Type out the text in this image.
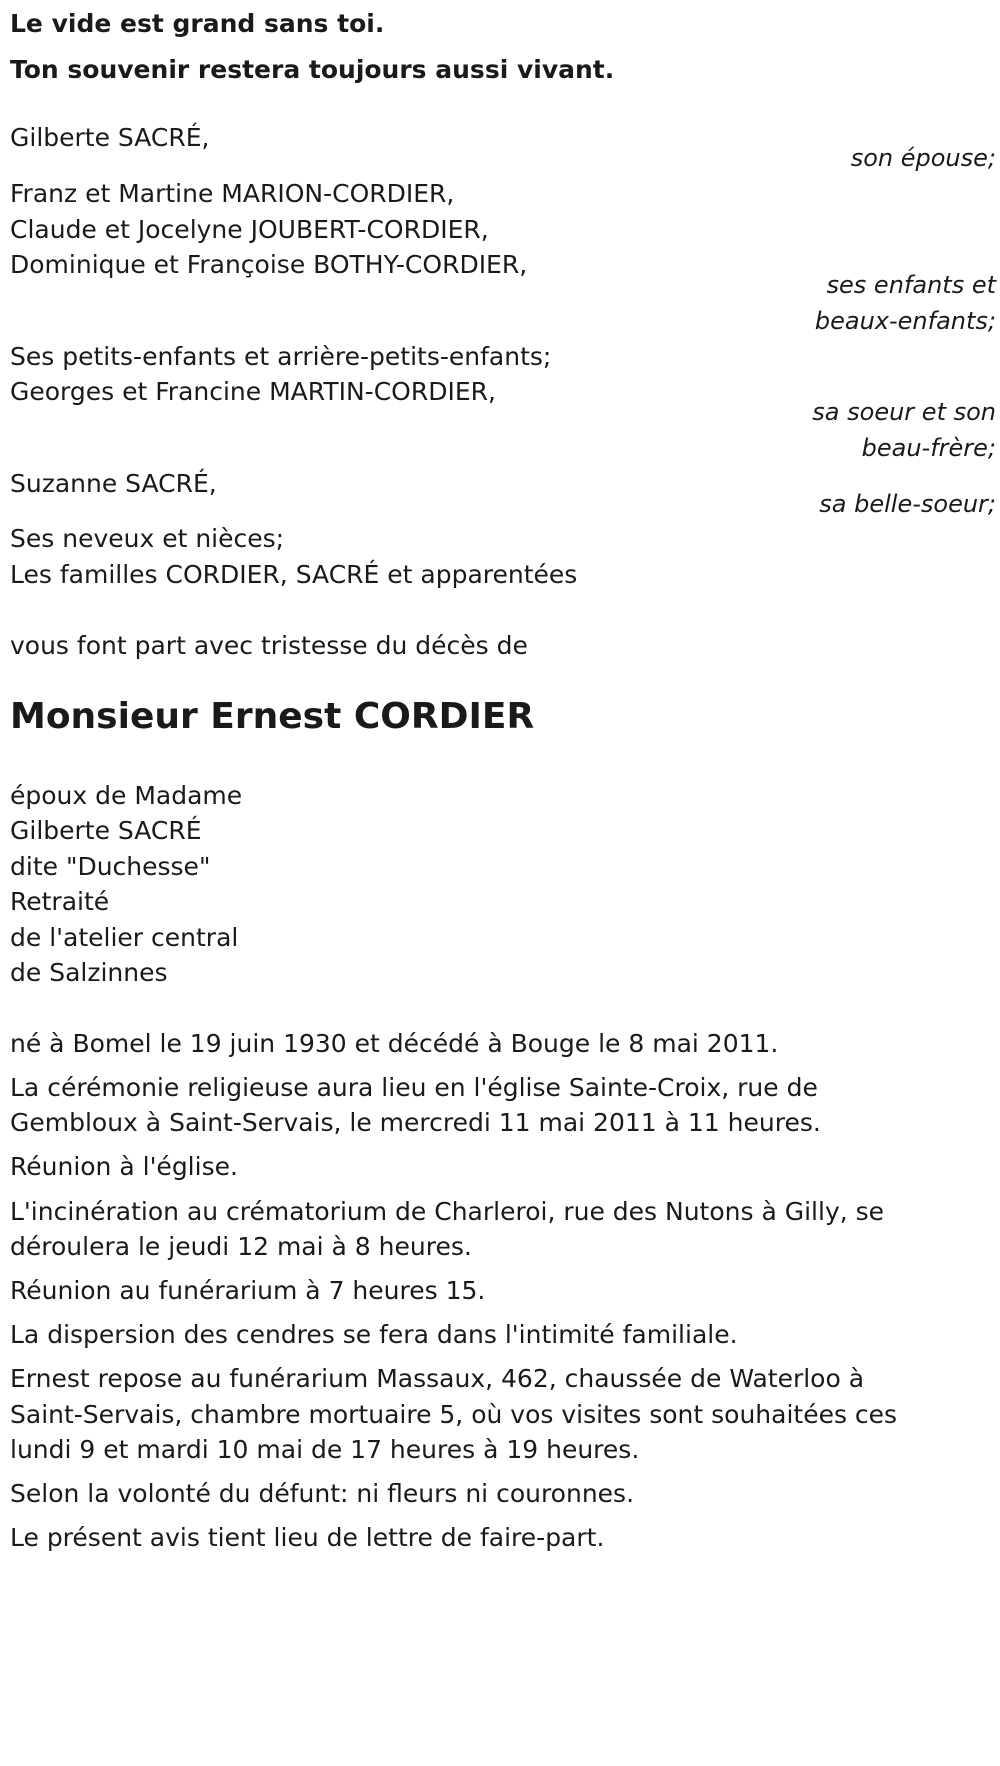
Le vide est grand sans toi.
Ton souvenir restera toujours aussi vivant.
Gilberte SACRÉ,
son épouse;
Franz et Martine MARION-CORDIER,
Claude et Jocelyne JOUBERT-CORDIER,
Dominique et Françoise BOTHY-CORDIER,
ses enfants et
beaux-enfants;
Ses petits-enfants et arrière-petits-enfants;
Georges et Francine MARTIN-CORDIER,
sa soeur et son
beau-frère;
Suzanne SACRÉ,
sa belle-soeur;
Ses neveux et nièces;
Les familles CORDIER, SACRÉ et apparentées
vous font part avec tristesse du décès de
Monsieur Ernest CORDIER
époux de Madame
Gilberte SACRÉ
dite "Duchesse"
Retraité
de l'atelier central
de Salzinnes
né à Bomel le 19 juin 1930 et décédé à Bouge le 8 mai 2011.
La cérémonie religieuse aura lieu en l'église Sainte-Croix, rue de
Gembloux à Saint-Servais, le mercredi 11 mai 2011 à 11 heures.
Réunion à l'église.
L'incinération au crématorium de Charleroi, rue des Nutons à Gilly, se
déroulera le jeudi 12 mai à 8 heures.
Réunion au funérarium à 7 heures 15.
La dispersion des cendres se fera dans l'intimité familiale.
Ernest repose au funérarium Massaux, 462, chaussée de Waterloo à
Saint-Servais, chambre mortuaire 5, où vos visites sont souhaitées ces
lundi 9 et mardi 10 mai de 17 heures à 19 heures.
Selon la volonté du défunt: ni fleurs ni couronnes.
Le présent avis tient lieu de lettre de faire-part.
